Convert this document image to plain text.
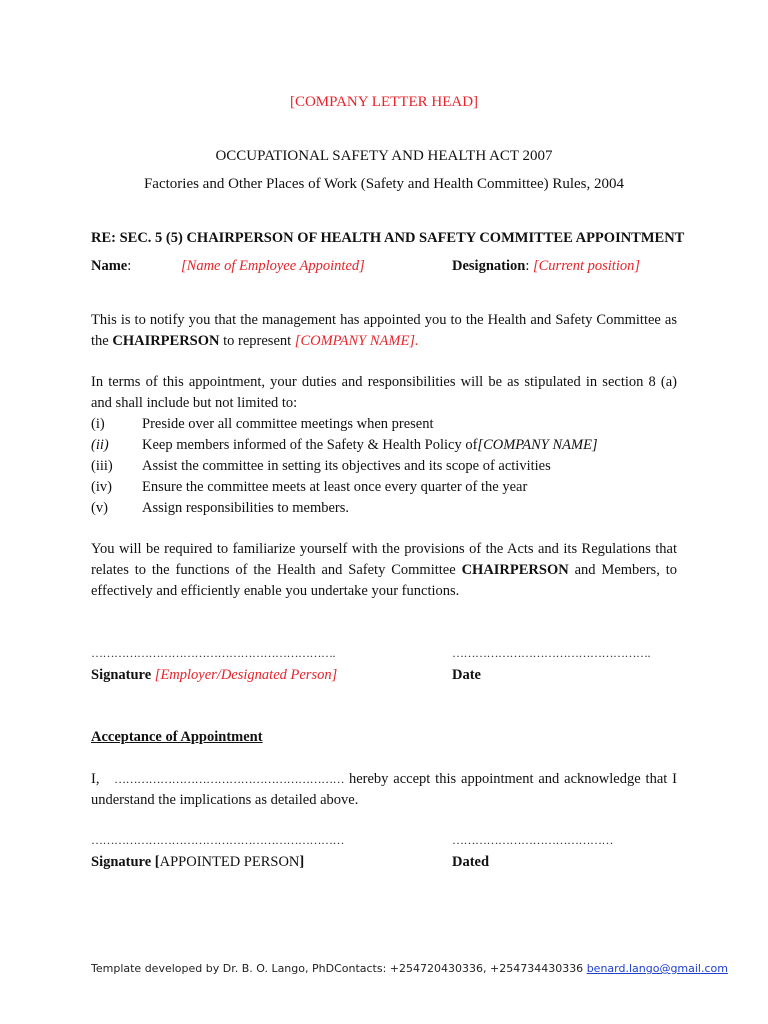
[COMPANY LETTER HEAD]
OCCUPATIONAL SAFETY AND HEALTH ACT 2007
Factories and Other Places of Work (Safety and Health Committee) Rules, 2004
RE: SEC. 5 (5) CHAIRPERSON OF HEALTH AND SAFETY COMMITTEE APPOINTMENT
Name:	[Name of Employee Appointed]	Designation: [Current position]
This is to notify you that the management has appointed you to the Health and Safety Committee as the CHAIRPERSON to represent [COMPANY NAME].
In terms of this appointment, your duties and responsibilities will be as stipulated in section 8 (a) and shall include but not limited to:
(i)	Preside over all committee meetings when present
(ii)	Keep members informed of the Safety & Health Policy of [COMPANY NAME]
(iii)	Assist the committee in setting its objectives and its scope of activities
(iv)	Ensure the committee meets at least once every quarter of the year
(v)	Assign responsibilities to members.
You will be required to familiarize yourself with the provisions of the Acts and its Regulations that relates to the functions of the Health and Safety Committee CHAIRPERSON and Members, to effectively and efficiently enable you undertake your functions.
……………………………………………………….	…………………………………………….
Signature [Employer/Designated Person]	Date
Acceptance of Appointment
I, …………………………………………………… hereby accept this appointment and acknowledge that I understand the implications as detailed above.
…………………………………………………………	……………………………………
Signature [APPOINTED PERSON]	Dated
Template developed by Dr. B. O. Lango, PhDContacts: +254720430336, +254734430336 benard.lango@gmail.com
